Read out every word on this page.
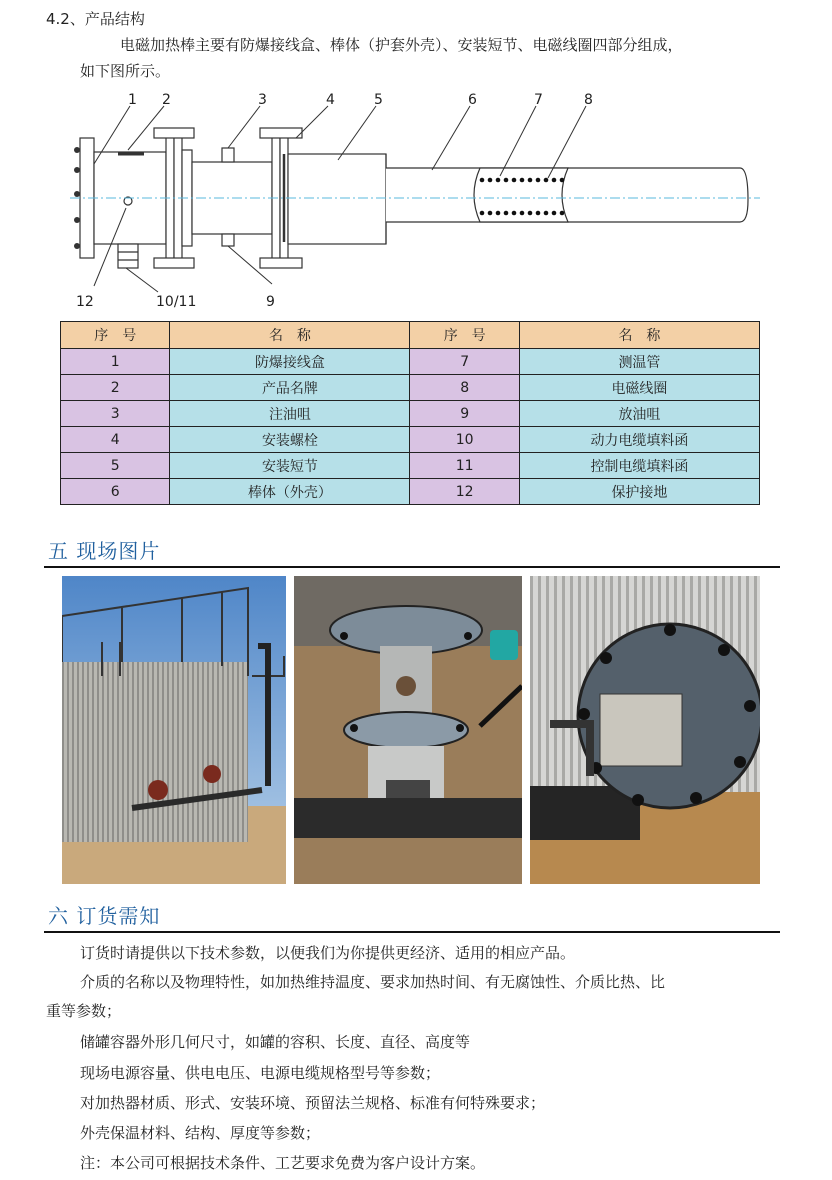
4.2、产品结构
电磁加热棒主要有防爆接线盒、棒体（护套外壳）、安装短节、电磁线圈四部分组成，
如下图所示。
1 2	3	4	5	6	7	8
12	10/11	9
序　号	名　称	序　号	名　称
1	防爆接线盒	7	测温管
2	产品名牌	8	电磁线圈
3	注油咀	9	放油咀
4	安装螺栓	10	动力电缆填料函
5	安装短节	11	控制电缆填料函
6	棒体（外壳）	12	保护接地
五 现场图片
六 订货需知
订货时请提供以下技术参数，以便我们为你提供更经济、适用的相应产品。
介质的名称以及物理特性，如加热维持温度、要求加热时间、有无腐蚀性、介质比热、比
重等参数；
储罐容器外形几何尺寸，如罐的容积、长度、直径、高度等
现场电源容量、供电电压、电源电缆规格型号等参数；
对加热器材质、形式、安装环境、预留法兰规格、标准有何特殊要求；
外壳保温材料、结构、厚度等参数；
注：本公司可根据技术条件、工艺要求免费为客户设计方案。
